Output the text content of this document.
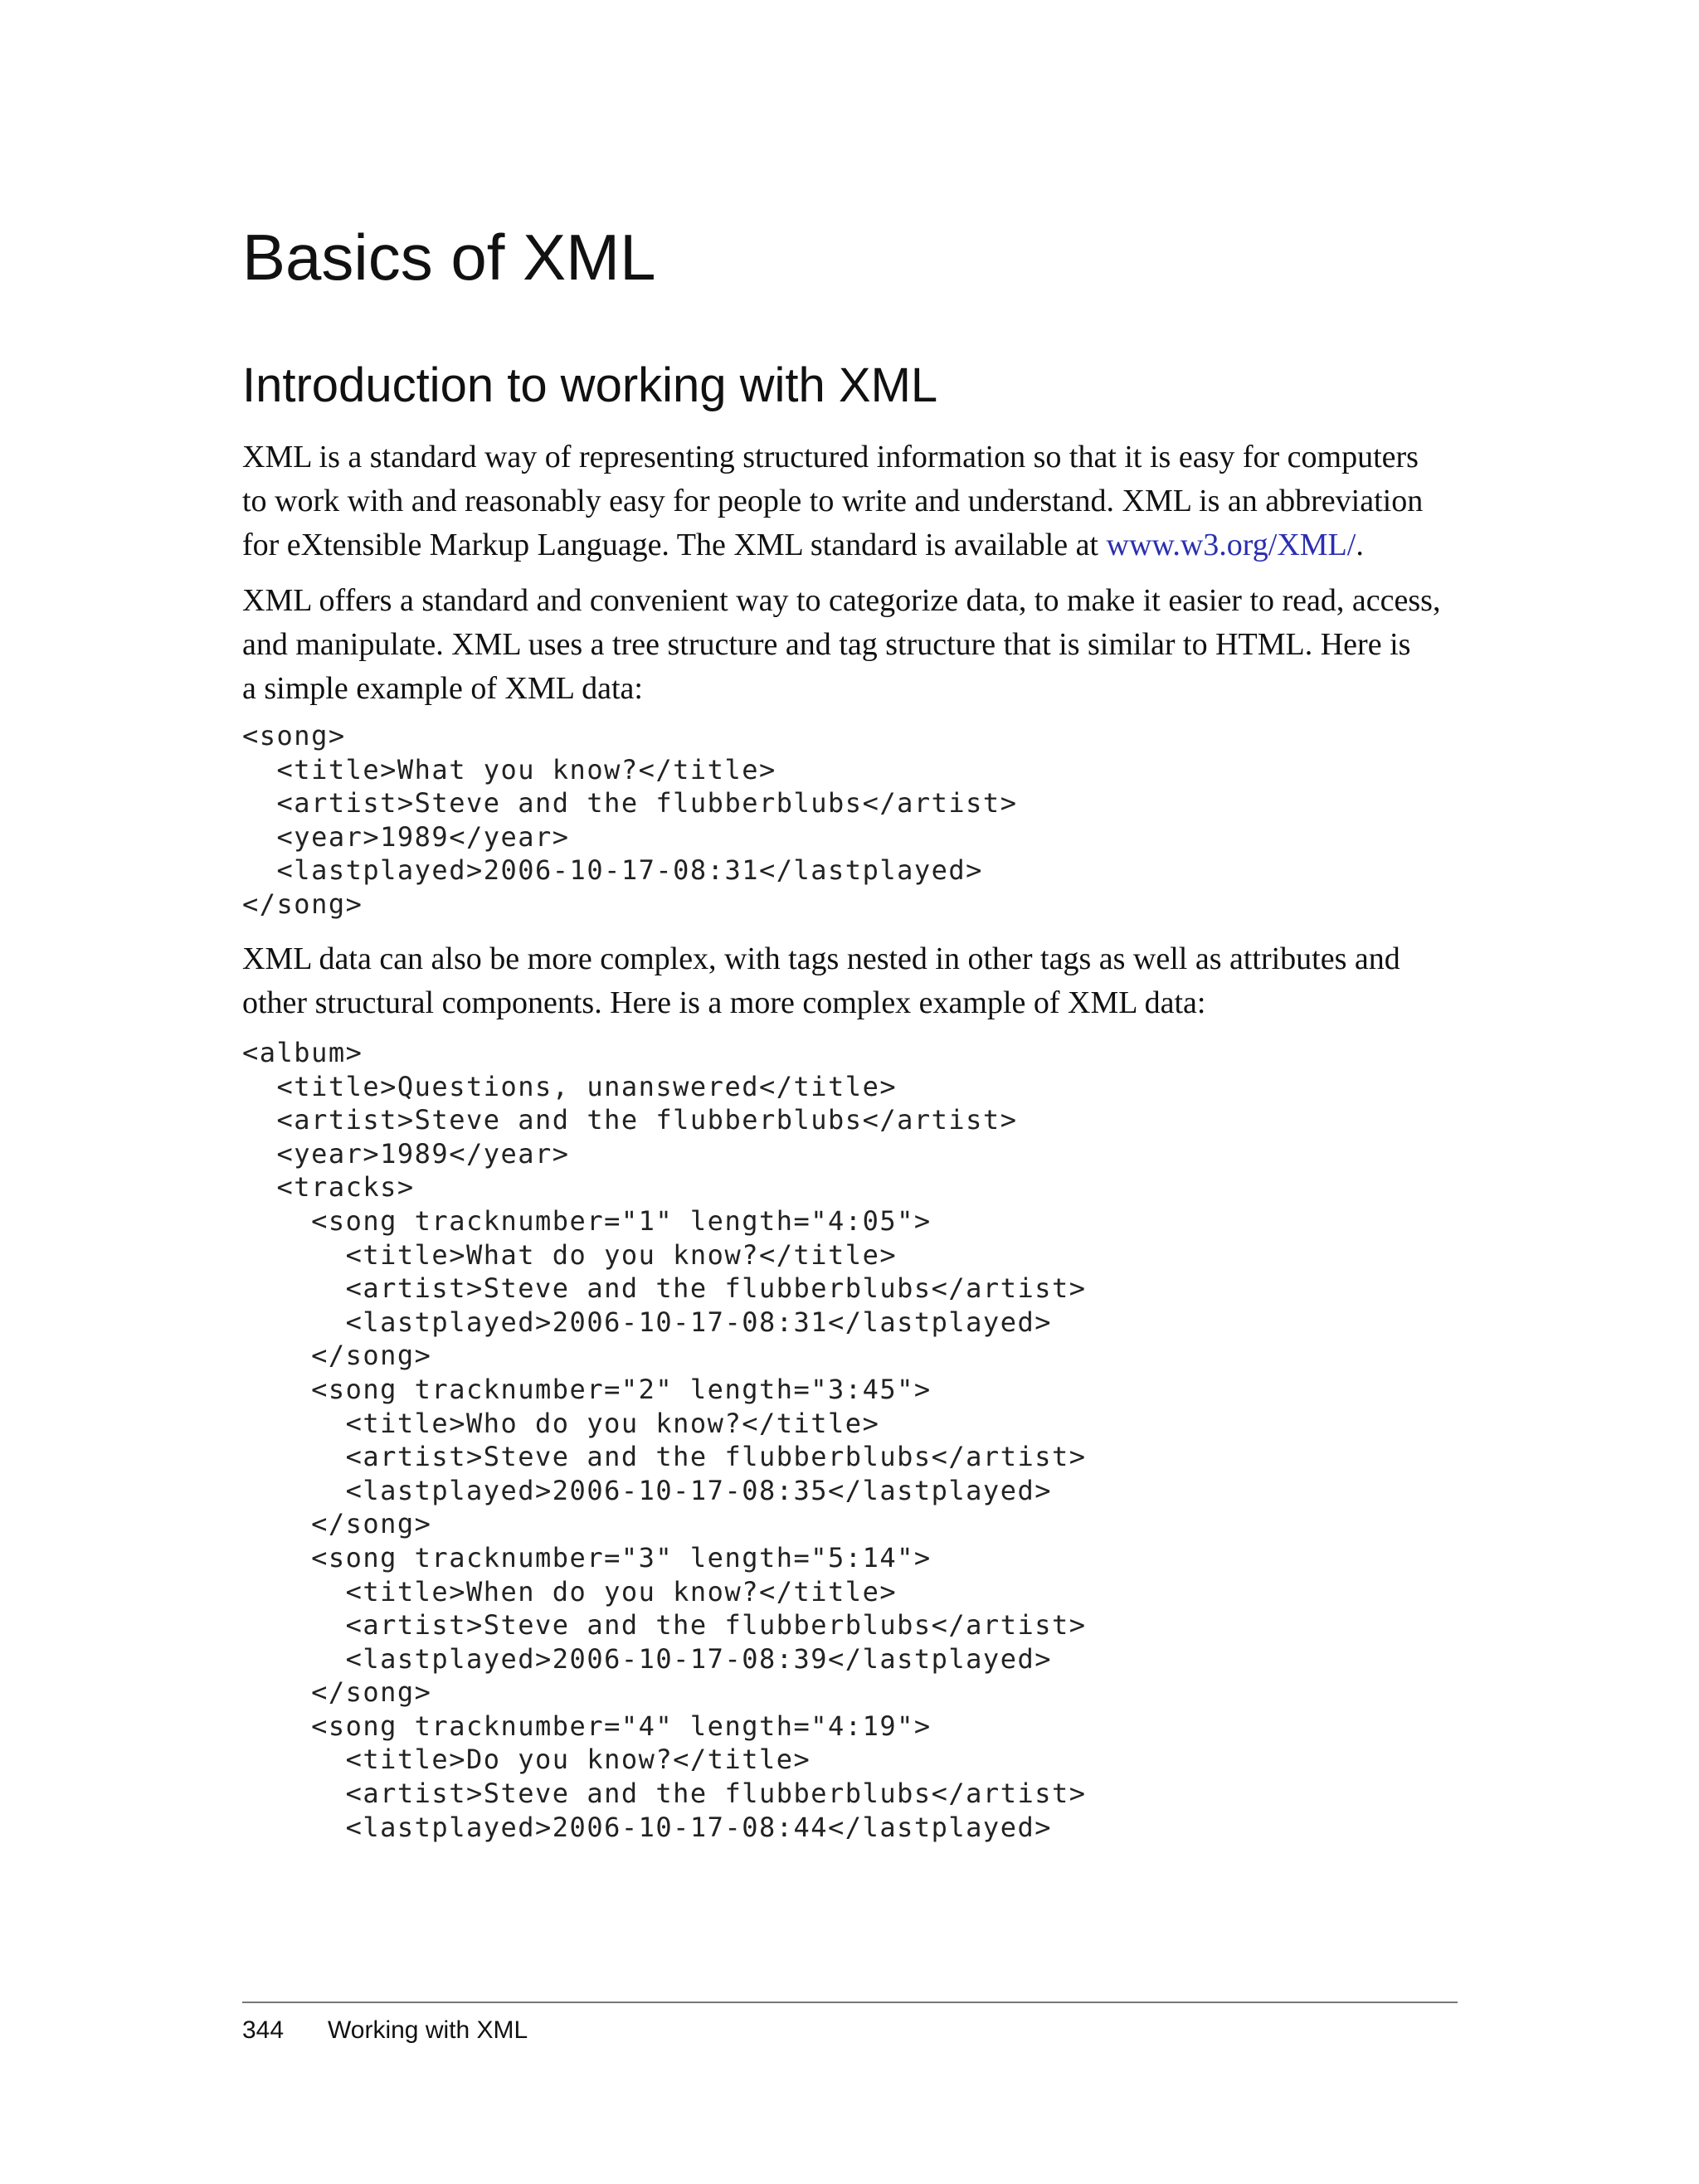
Basics of XML
Introduction to working with XML

XML is a standard way of representing structured information so that it is easy for computers
to work with and reasonably easy for people to write and understand. XML is an abbreviation
for eXtensible Markup Language. The XML standard is available at www.w3.org/XML/.

XML offers a standard and convenient way to categorize data, to make it easier to read, access,
and manipulate. XML uses a tree structure and tag structure that is similar to HTML. Here is
a simple example of XML data:

<song>
<title>What you know?</title>
<artist>Steve and the flubberblubs</artist>
<year>1989</year>
<lastplayed>2006-10-17-08:31</lastplayed>
</song>

XML data can also be more complex, with tags nested in other tags as well as attributes and
other structural components. Here is a more complex example of XML data:

<album>
<title>Questions, unanswered</title>
<artist>Steve and the flubberblubs</artist>
<year>1989</year>
<tracks>
<song tracknumber="1" length="4:05">
<title>What do you know?</title>
<artist>Steve and the flubberblubs</artist>
<lastplayed>2006-10-17-08:31</lastplayed>
</song>
<song tracknumber="2" length="3:45">
<title>Who do you know?</title>
<artist>Steve and the flubberblubs</artist>
<lastplayed>2006-10-17-08:35</lastplayed>
</song>
<song tracknumber="3" length="5:14">
<title>When do you know?</title>
<artist>Steve and the flubberblubs</artist>
<lastplayed>2006-10-17-08:39</lastplayed>
</song>
<song tracknumber="4" length="4:19">
<title>Do you know?</title>
<artist>Steve and the flubberblubs</artist>
<lastplayed>2006-10-17-08:44</lastplayed>
344 Working with XML
